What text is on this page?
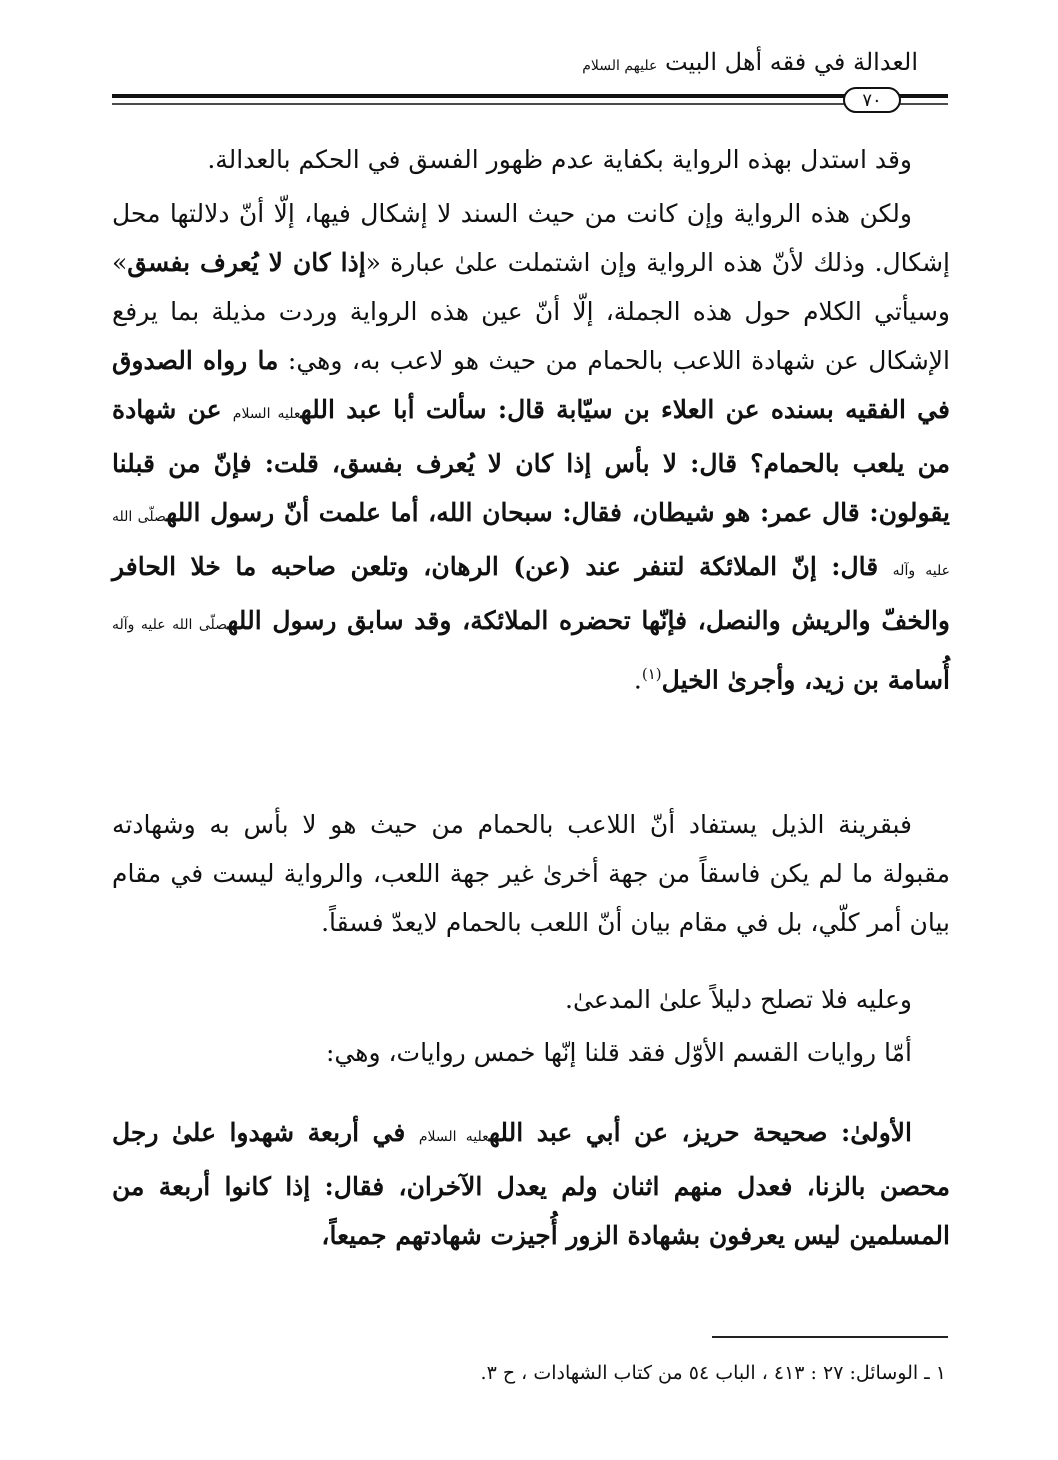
العدالة في فقه أهل البيت عليهم السلام
٧٠

وقد استدل بهذه الرواية بكفاية عدم ظهور الفسق في الحكم بالعدالة.

ولكن هذه الرواية وإن كانت من حيث السند لا إشكال فيها، إلّا أنّ دلالتها محل إشكال. وذلك لأنّ هذه الرواية وإن اشتملت علىٰ عبارة «إذا كان لا يُعرف بفسق» وسيأتي الكلام حول هذه الجملة، إلّا أنّ عين هذه الرواية وردت مذيلة بما يرفع الإشكال عن شهادة اللاعب بالحمام من حيث هو لاعب به، وهي: ما رواه الصدوق في الفقيه بسنده عن العلاء بن سيّابة قال: سألت أبا عبد اللهعليه السلام عن شهادة من يلعب بالحمام؟ قال: لا بأس إذا كان لا يُعرف بفسق، قلت: فإنّ من قبلنا يقولون: قال عمر: هو شيطان، فقال: سبحان الله، أما علمت أنّ رسول اللهصلّى الله عليه وآله قال: إنّ الملائكة لتنفر عند (عن) الرهان، وتلعن صاحبه ما خلا الحافر والخفّ والريش والنصل، فإنّها تحضره الملائكة، وقد سابق رسول اللهصلّى الله عليه وآله أُسامة بن زيد، وأجرىٰ الخيل$^{(١)}$.

فبقرينة الذيل يستفاد أنّ اللاعب بالحمام من حيث هو لا بأس به وشهادته مقبولة ما لم يكن فاسقاً من جهة أخرىٰ غير جهة اللعب، والرواية ليست في مقام بيان أمر كلّي، بل في مقام بيان أنّ اللعب بالحمام لايعدّ فسقاً.

وعليه فلا تصلح دليلاً علىٰ المدعىٰ.

أمّا روايات القسم الأوّل فقد قلنا إنّها خمس روايات، وهي:

الأولىٰ: صحيحة حريز، عن أبي عبد اللهعليه السلام في أربعة شهدوا علىٰ رجل محصن بالزنا، فعدل منهم اثنان ولم يعدل الآخران، فقال: إذا كانوا أربعة من المسلمين ليس يعرفون بشهادة الزور أُجيزت شهادتهم جميعاً،

١ ـ الوسائل: ٢٧ : ٤١٣ ، الباب ٥٤ من كتاب الشهادات ، ح ٣.
